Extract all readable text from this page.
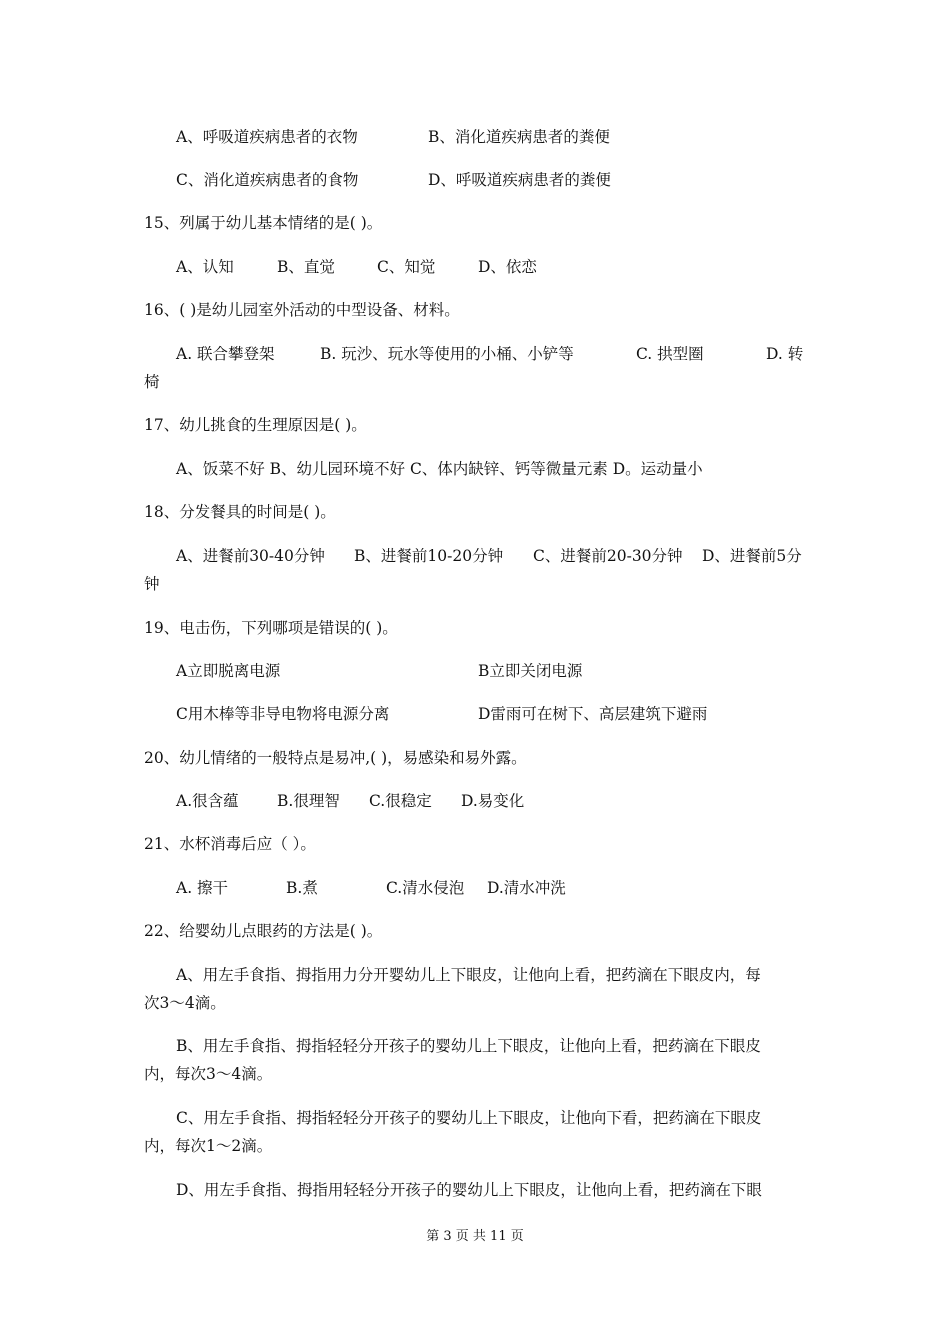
A、呼吸道疾病患者的衣物	B、消化道疾病患者的粪便
C、消化道疾病患者的食物	D、呼吸道疾病患者的粪便
15、列属于幼儿基本情绪的是( )。
A、认知	B、直觉	C、知觉	D、依恋
16、( )是幼儿园室外活动的中型设备、材料。
A. 联合攀登架	B. 玩沙、玩水等使用的小桶、小铲等	C. 拱型圈	D. 转
椅
17、幼儿挑食的生理原因是( )。
A、饭菜不好 B、幼儿园环境不好 C、体内缺锌、钙等微量元素 D。运动量小
18、分发餐具的时间是( )。
A、进餐前30-40分钟 B、进餐前10-20分钟 C、进餐前20-30分钟 D、进餐前5分
钟
19、电击伤，下列哪项是错误的( )。
A立即脱离电源	B立即关闭电源
C用木棒等非导电物将电源分离	D雷雨可在树下、高层建筑下避雨
20、幼儿情绪的一般特点是易冲,( )，易感染和易外露。
A.很含蕴 B.很理智 C.很稳定 D.易变化
21、水杯消毒后应（ ）。
A. 擦干	B.煮	C.清水侵泡 D.清水冲洗
22、给婴幼儿点眼药的方法是( )。
A、用左手食指、拇指用力分开婴幼儿上下眼皮，让他向上看，把药滴在下眼皮内，每
次3～4滴。
B、用左手食指、拇指轻轻分开孩子的婴幼儿上下眼皮，让他向上看，把药滴在下眼皮
内，每次3～4滴。
C、用左手食指、拇指轻轻分开孩子的婴幼儿上下眼皮，让他向下看，把药滴在下眼皮
内，每次1～2滴。
D、用左手食指、拇指用轻轻分开孩子的婴幼儿上下眼皮，让他向上看，把药滴在下眼
第 3 页 共 11 页
